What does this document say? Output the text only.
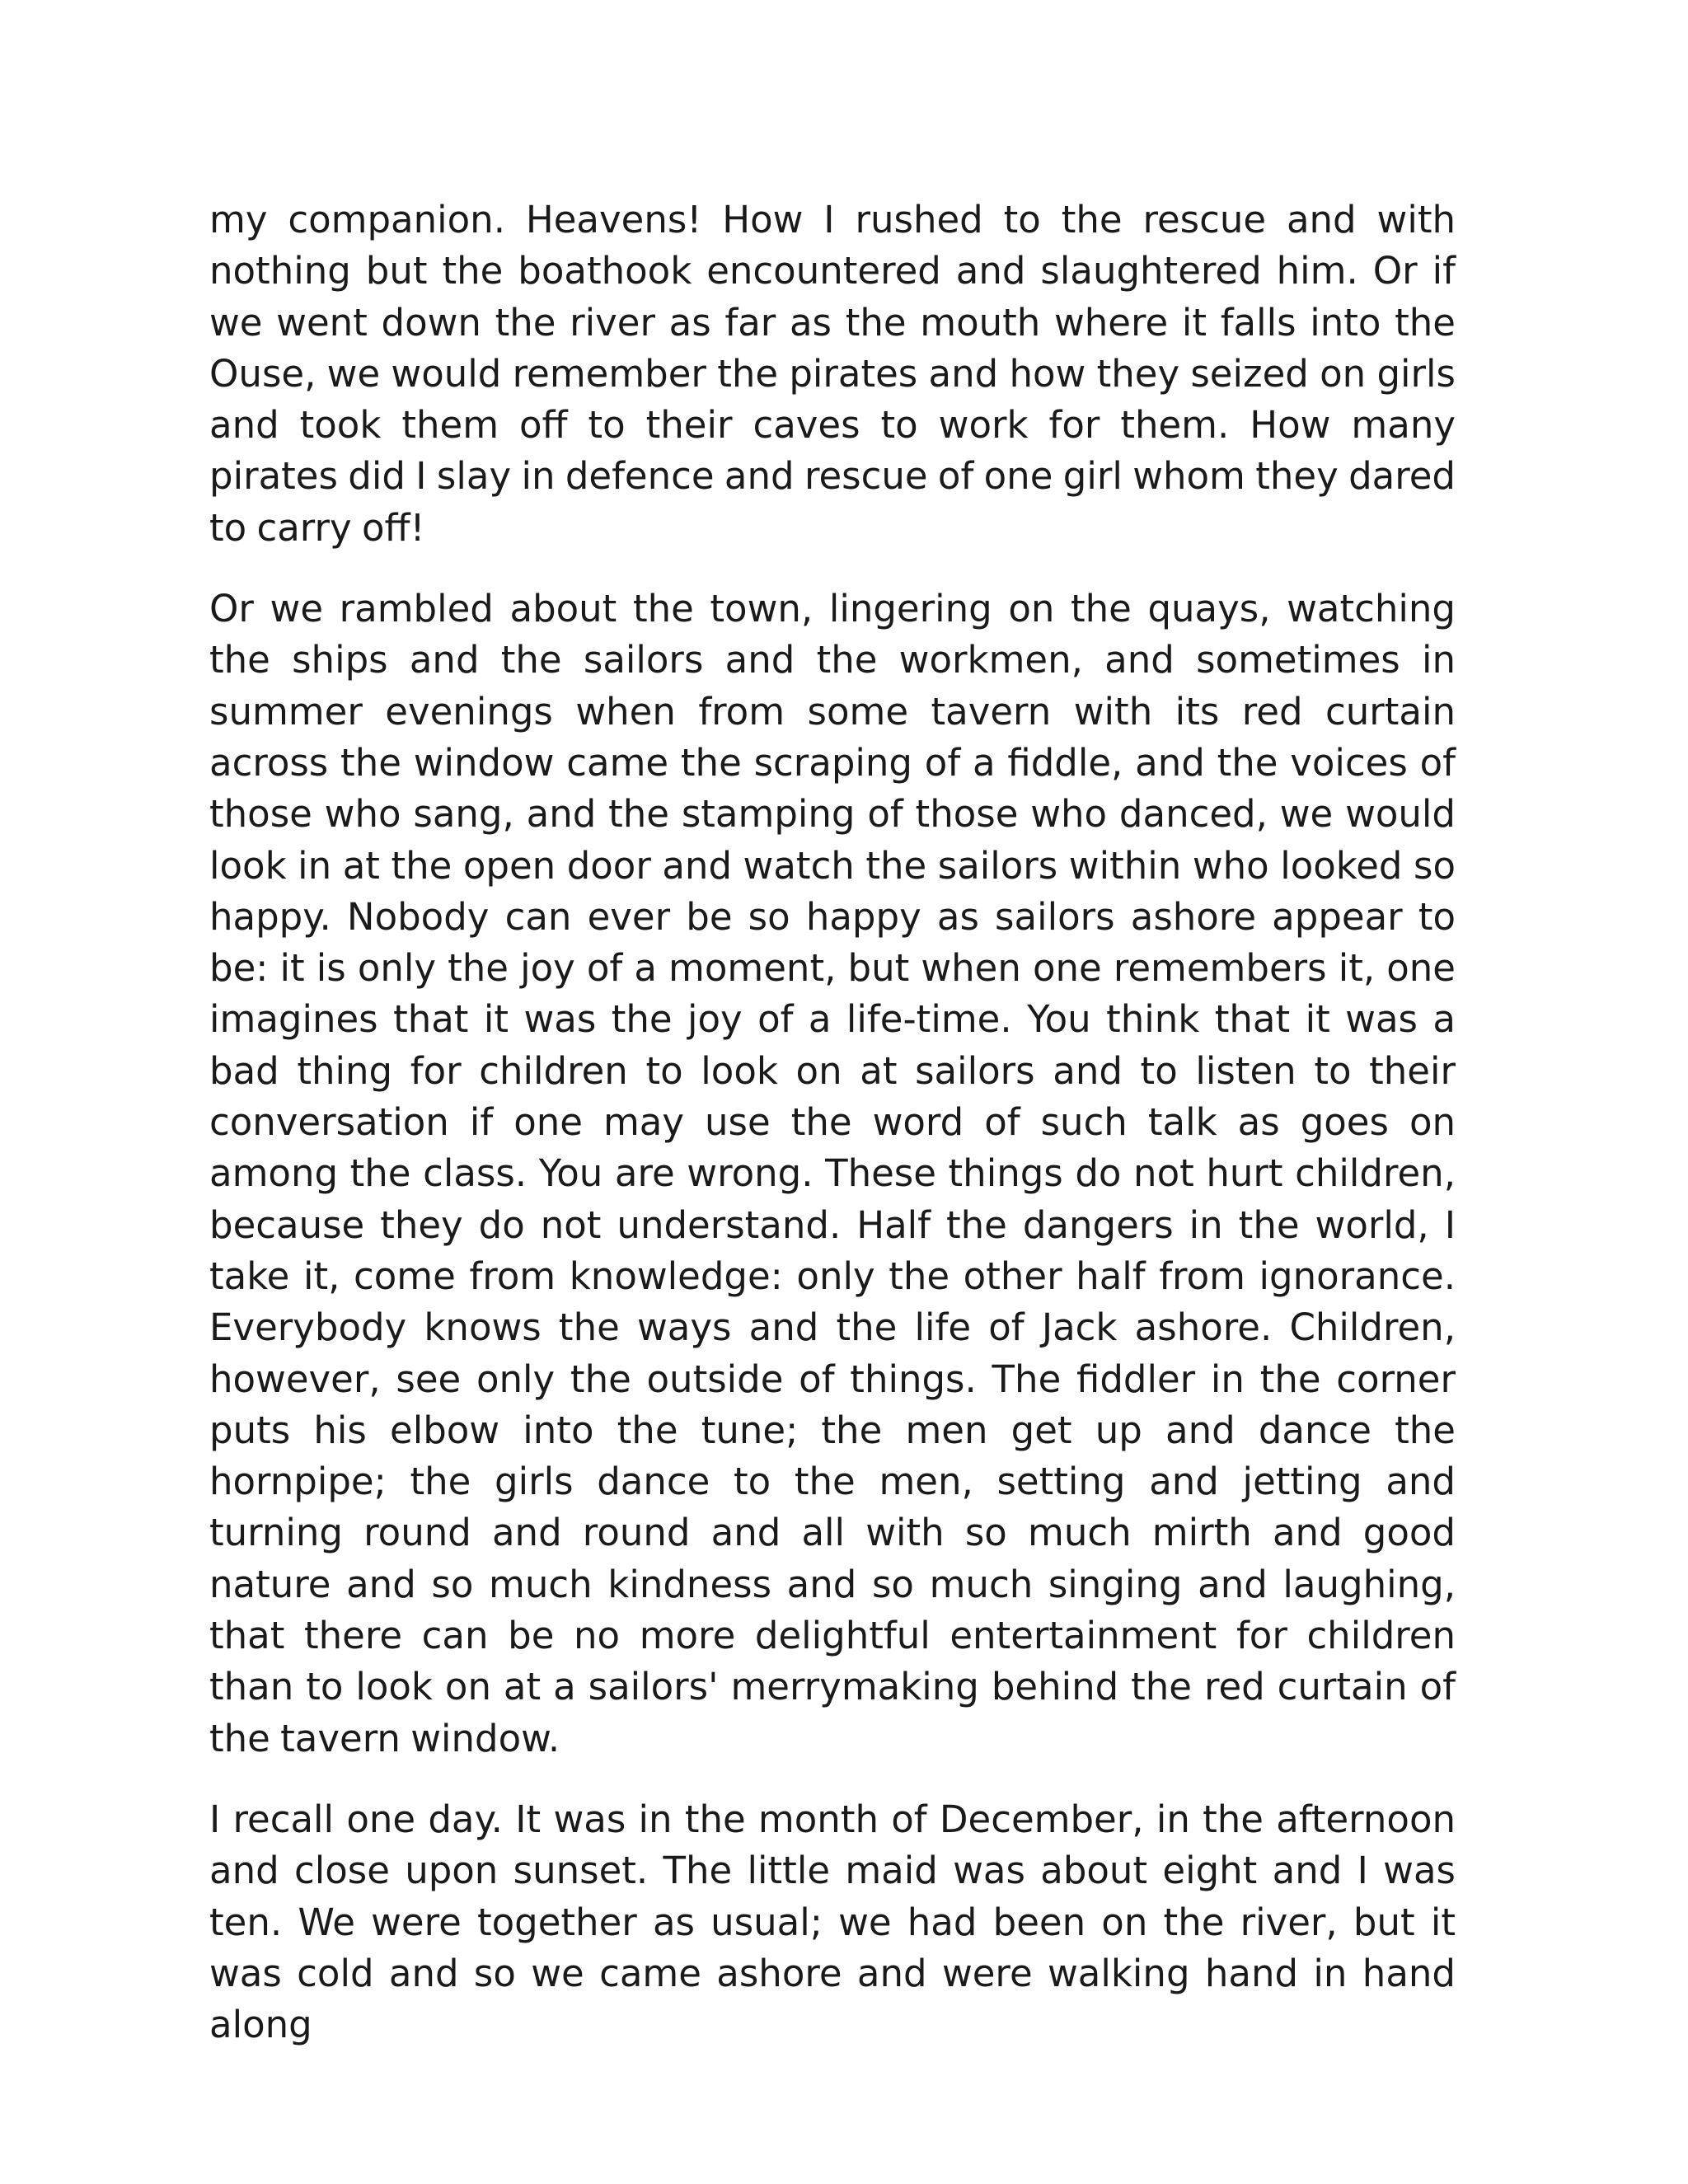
my companion. Heavens! How I rushed to the rescue and with nothing but the boathook encountered and slaughtered him. Or if we went down the river as far as the mouth where it falls into the Ouse, we would remember the pirates and how they seized on girls and took them off to their caves to work for them. How many pirates did I slay in defence and rescue of one girl whom they dared to carry off!

Or we rambled about the town, lingering on the quays, watching the ships and the sailors and the workmen, and sometimes in summer evenings when from some tavern with its red curtain across the window came the scraping of a fiddle, and the voices of those who sang, and the stamping of those who danced, we would look in at the open door and watch the sailors within who looked so happy. Nobody can ever be so happy as sailors ashore appear to be: it is only the joy of a moment, but when one remembers it, one imagines that it was the joy of a life-time. You think that it was a bad thing for children to look on at sailors and to listen to their conversation if one may use the word of such talk as goes on among the class. You are wrong. These things do not hurt children, because they do not understand. Half the dangers in the world, I take it, come from knowledge: only the other half from ignorance. Everybody knows the ways and the life of Jack ashore. Children, however, see only the outside of things. The fiddler in the corner puts his elbow into the tune; the men get up and dance the hornpipe; the girls dance to the men, setting and jetting and turning round and round and all with so much mirth and good nature and so much kindness and so much singing and laughing, that there can be no more delightful entertainment for children than to look on at a sailors' merrymaking behind the red curtain of the tavern window.

I recall one day. It was in the month of December, in the afternoon and close upon sunset. The little maid was about eight and I was ten. We were together as usual; we had been on the river, but it was cold and so we came ashore and were walking hand in hand along
